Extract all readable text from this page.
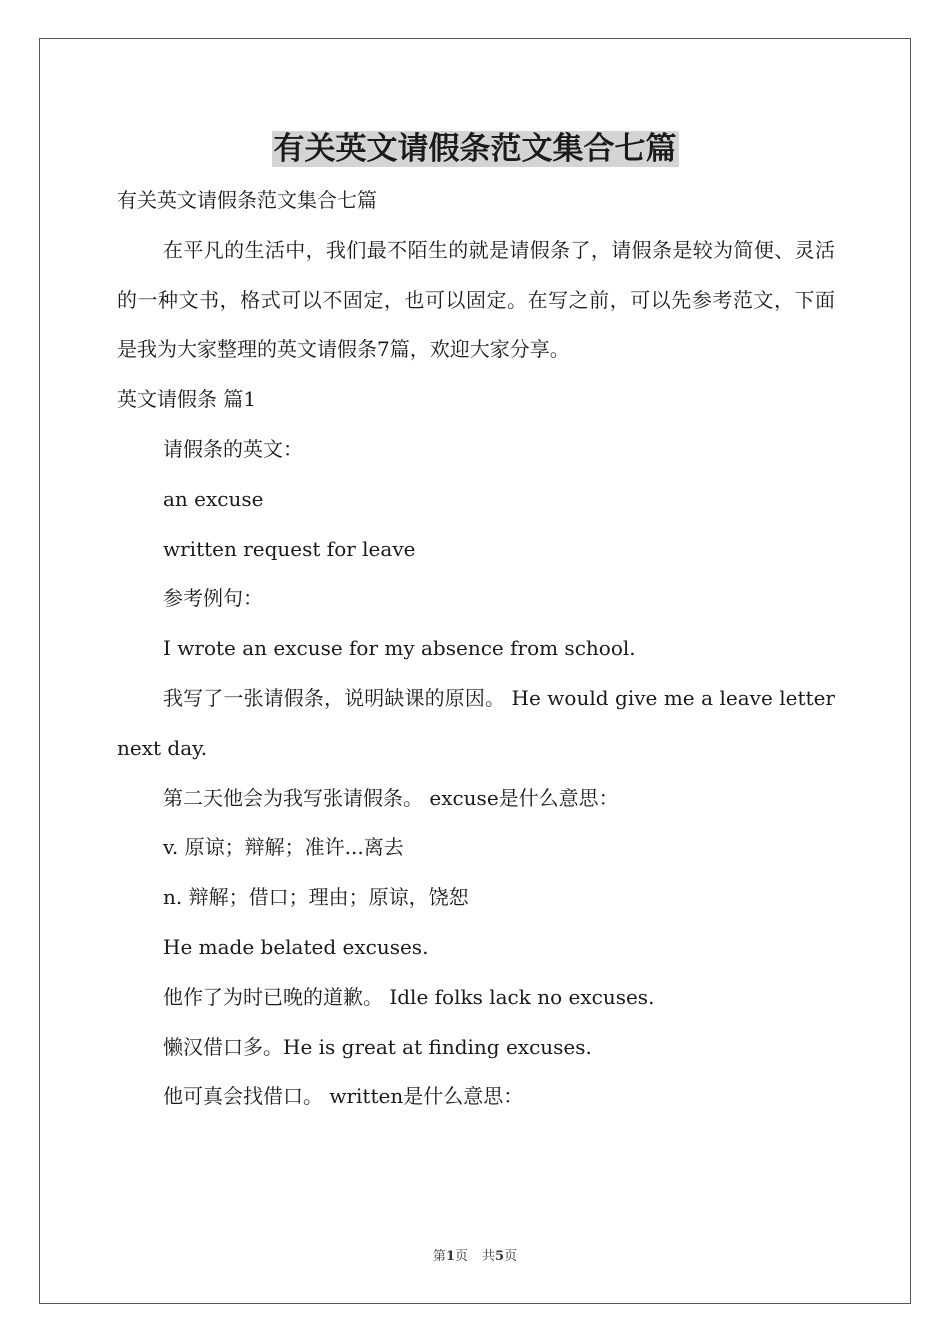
有关英文请假条范文集合七篇

有关英文请假条范文集合七篇

在平凡的生活中，我们最不陌生的就是请假条了，请假条是较为简便、灵活的一种文书，格式可以不固定，也可以固定。在写之前，可以先参考范文，下面是我为大家整理的英文请假条7篇，欢迎大家分享。

英文请假条 篇1

请假条的英文：

an excuse

written request for leave

参考例句：

I wrote an excuse for my absence from school.

我写了一张请假条，说明缺课的原因。 He would give me a leave letter next day.

第二天他会为我写张请假条。 excuse是什么意思：

v. 原谅；辩解；准许...离去

n. 辩解；借口；理由；原谅，饶恕

He made belated excuses.

他作了为时已晚的道歉。 Idle folks lack no excuses.

懒汉借口多。He is great at finding excuses.

他可真会找借口。 written是什么意思：

第1页 共5页
